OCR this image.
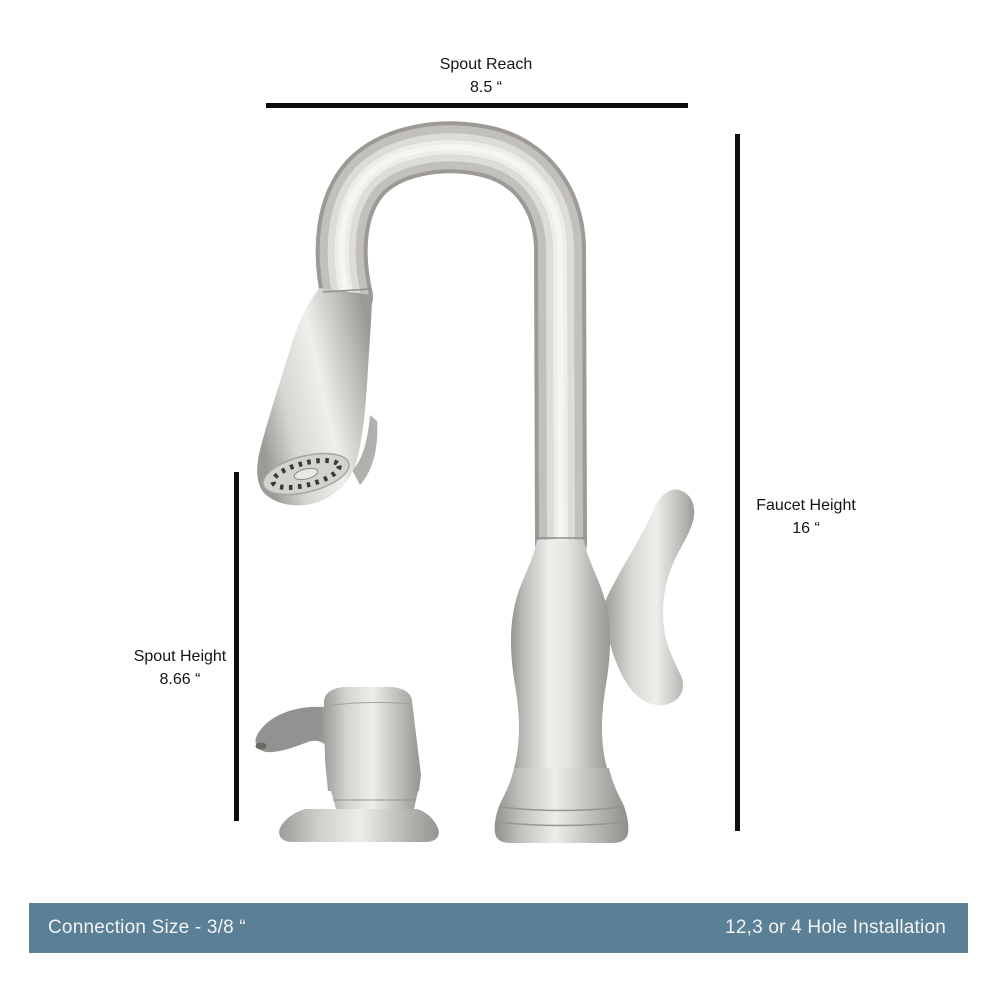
Spout Reach
8.5 “
Faucet Height
16 “
Spout Height
8.66 “
Connection Size - 3/8 “	12,3 or 4 Hole Installation
